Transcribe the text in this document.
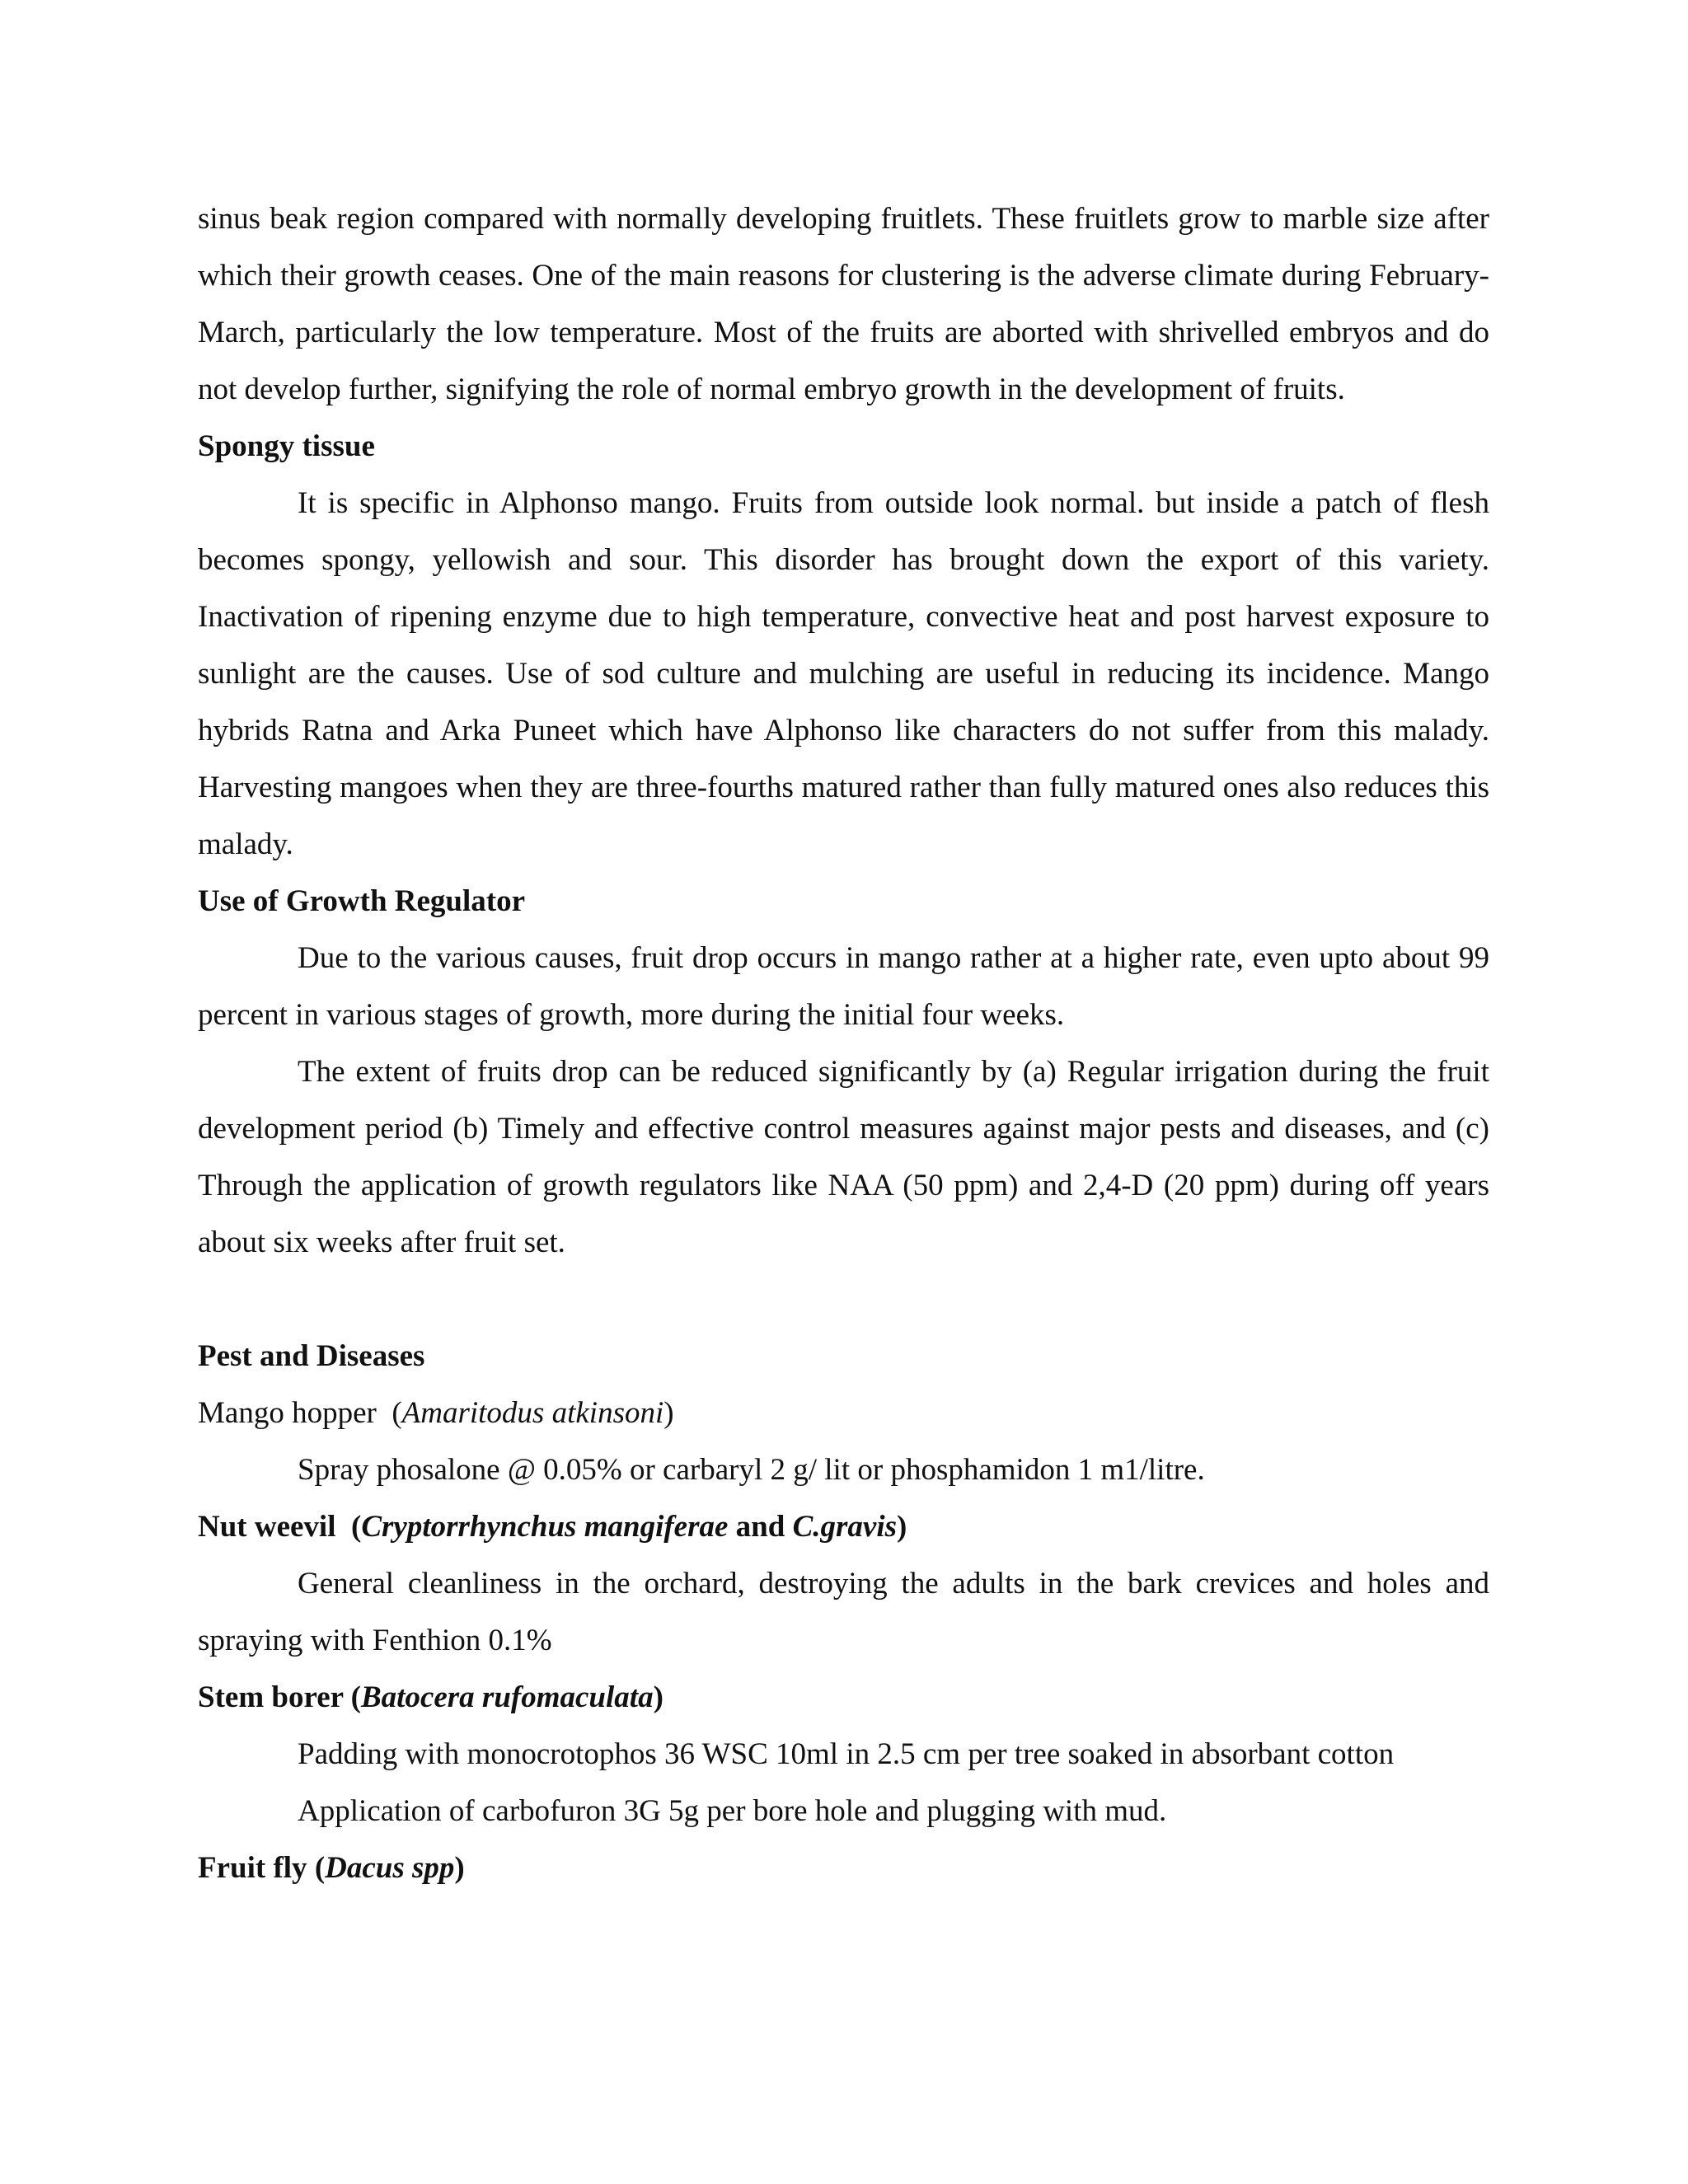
sinus beak region compared with normally developing fruitlets. These fruitlets grow to marble size after which their growth ceases. One of the main reasons for clustering is the adverse climate during February-March, particularly the low temperature. Most of the fruits are aborted with shrivelled embryos and do not develop further, signifying the role of normal embryo growth in the development of fruits.

Spongy tissue

It is specific in Alphonso mango. Fruits from outside look normal. but inside a patch of flesh becomes spongy, yellowish and sour. This disorder has brought down the export of this variety. Inactivation of ripening enzyme due to high temperature, convective heat and post harvest exposure to sunlight are the causes. Use of sod culture and mulching are useful in reducing its incidence. Mango hybrids Ratna and Arka Puneet which have Alphonso like characters do not suffer from this malady. Harvesting mangoes when they are three-fourths matured rather than fully matured ones also reduces this malady.

Use of Growth Regulator

Due to the various causes, fruit drop occurs in mango rather at a higher rate, even upto about 99 percent in various stages of growth, more during the initial four weeks.

The extent of fruits drop can be reduced significantly by (a) Regular irrigation during the fruit development period (b) Timely and effective control measures against major pests and diseases, and (c) Through the application of growth regulators like NAA (50 ppm) and 2,4-D (20 ppm) during off years about six weeks after fruit set.

Pest and Diseases

Mango hopper  (Amaritodus atkinsoni)

Spray phosalone @ 0.05% or carbaryl 2 g/ lit or phosphamidon 1 m1/litre.

Nut weevil  (Cryptorrhynchus mangiferae and C.gravis)

General cleanliness in the orchard, destroying the adults in the bark crevices and holes and spraying with Fenthion 0.1%

Stem borer (Batocera rufomaculata)

Padding with monocrotophos 36 WSC 10ml in 2.5 cm per tree soaked in absorbant cotton

Application of carbofuron 3G 5g per bore hole and plugging with mud.

Fruit fly (Dacus spp)
